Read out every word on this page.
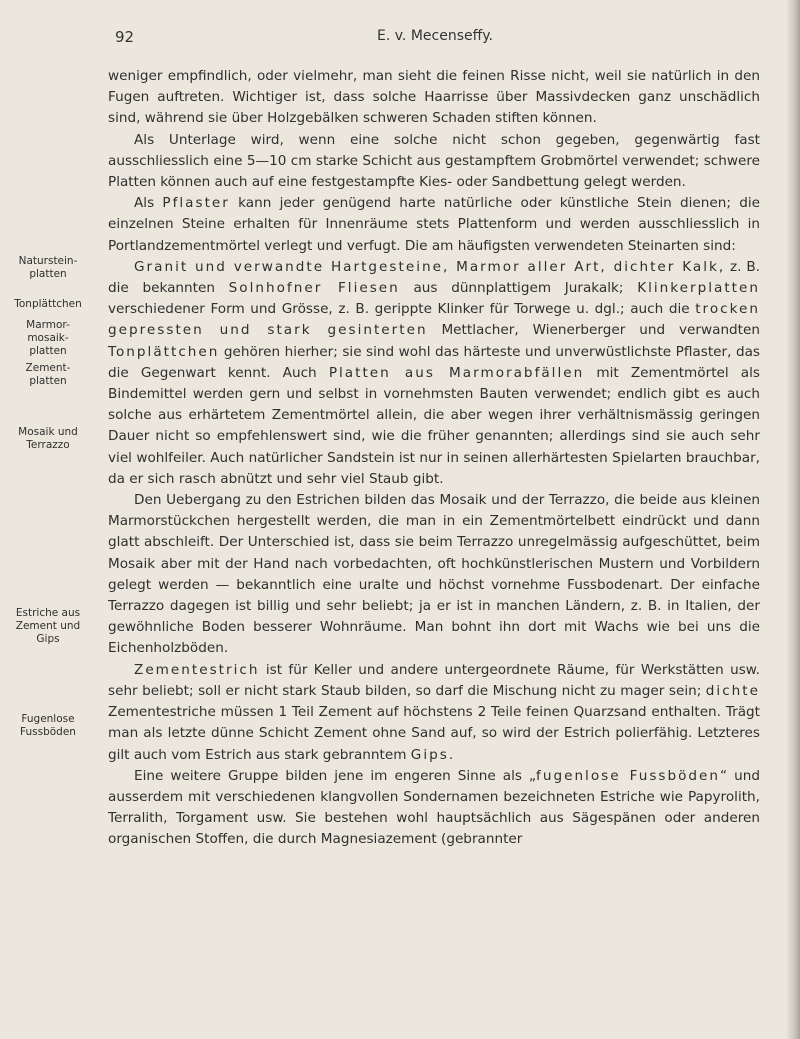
92	E. v. Mecenseffy.
Naturstein-
platten
Tonplättchen
Marmor-
mosaik-
platten
Zement-
platten
Mosaik und
Terrazzo
Estriche aus
Zement und
Gips
Fugenlose
Fussböden

weniger empfindlich, oder vielmehr, man sieht die feinen Risse nicht, weil sie natürlich in den Fugen auftreten. Wichtiger ist, dass solche Haarrisse über Massivdecken ganz unschädlich sind, während sie über Holzgebälken schweren Schaden stiften können.

Als Unterlage wird, wenn eine solche nicht schon gegeben, gegenwärtig fast ausschliesslich eine 5—10 cm starke Schicht aus gestampftem Grobmörtel verwendet; schwere Platten können auch auf eine festgestampfte Kies- oder Sandbettung gelegt werden.

Als Pflaster kann jeder genügend harte natürliche oder künstliche Stein dienen; die einzelnen Steine erhalten für Innenräume stets Plattenform und werden ausschliesslich in Portlandzementmörtel verlegt und verfugt. Die am häufigsten verwendeten Steinarten sind:

Granit und verwandte Hartgesteine, Marmor aller Art, dichter Kalk, z. B. die bekannten Solnhofner Fliesen aus dünnplattigem Jurakalk; Klinkerplatten verschiedener Form und Grösse, z. B. gerippte Klinker für Torwege u. dgl.; auch die trocken gepressten und stark gesinterten Mettlacher, Wienerberger und verwandten Tonplättchen gehören hierher; sie sind wohl das härteste und unverwüstlichste Pflaster, das die Gegenwart kennt. Auch Platten aus Marmorabfällen mit Zementmörtel als Bindemittel werden gern und selbst in vornehmsten Bauten verwendet; endlich gibt es auch solche aus erhärtetem Zementmörtel allein, die aber wegen ihrer verhältnismässig geringen Dauer nicht so empfehlenswert sind, wie die früher genannten; allerdings sind sie auch sehr viel wohlfeiler. Auch natürlicher Sandstein ist nur in seinen allerhärtesten Spielarten brauchbar, da er sich rasch abnützt und sehr viel Staub gibt.

Den Uebergang zu den Estrichen bilden das Mosaik und der Terrazzo, die beide aus kleinen Marmorstückchen hergestellt werden, die man in ein Zementmörtelbett eindrückt und dann glatt abschleift. Der Unterschied ist, dass sie beim Terrazzo unregelmässig aufgeschüttet, beim Mosaik aber mit der Hand nach vorbedachten, oft hochkünstlerischen Mustern und Vorbildern gelegt werden — bekanntlich eine uralte und höchst vornehme Fussbodenart. Der einfache Terrazzo dagegen ist billig und sehr beliebt; ja er ist in manchen Ländern, z. B. in Italien, der gewöhnliche Boden besserer Wohnräume. Man bohnt ihn dort mit Wachs wie bei uns die Eichenholzböden.

Zementestrich ist für Keller und andere untergeordnete Räume, für Werkstätten usw. sehr beliebt; soll er nicht stark Staub bilden, so darf die Mischung nicht zu mager sein; dichte Zementestriche müssen 1 Teil Zement auf höchstens 2 Teile feinen Quarzsand enthalten. Trägt man als letzte dünne Schicht Zement ohne Sand auf, so wird der Estrich polierfähig. Letzteres gilt auch vom Estrich aus stark gebranntem Gips.

Eine weitere Gruppe bilden jene im engeren Sinne als „fugenlose Fussböden“ und ausserdem mit verschiedenen klangvollen Sondernamen bezeichneten Estriche wie Papyrolith, Terralith, Torgament usw. Sie bestehen wohl hauptsächlich aus Sägespänen oder anderen organischen Stoffen, die durch Magnesiazement (gebrannter
